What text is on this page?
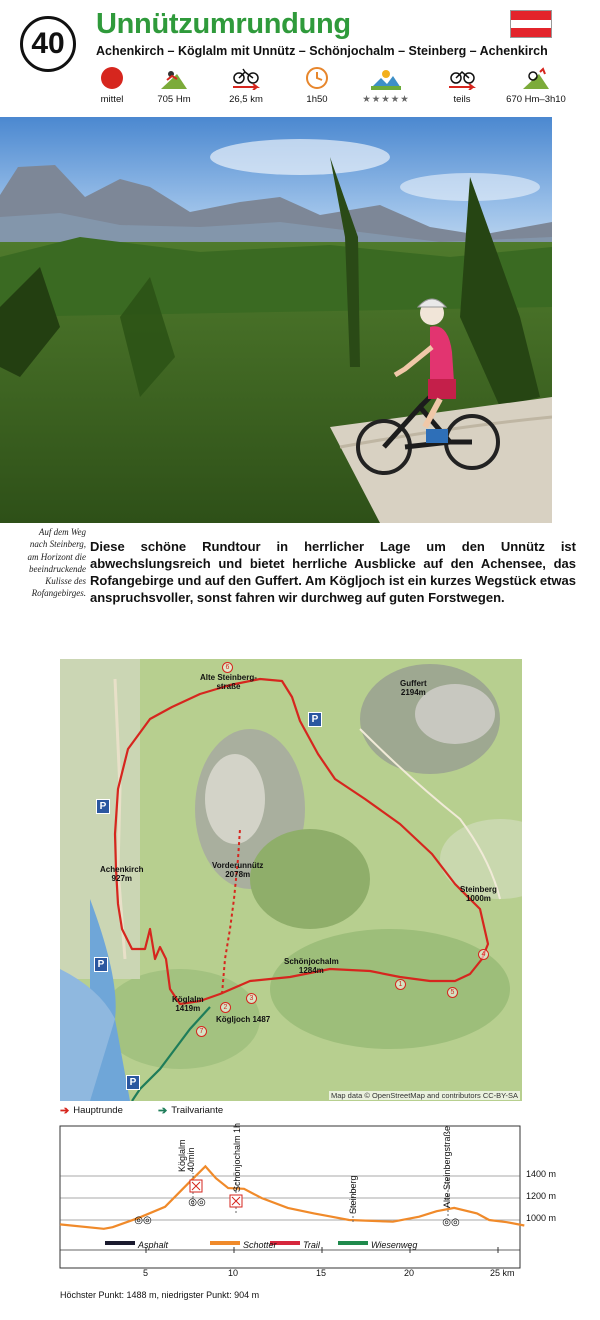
40
Unnützumrundung
Achenkirch – Köglalm mit Unnütz – Schönjochalm – Steinberg – Achenkirch
mittel	705 Hm	26,5 km	1h50	★★★★★	teils	670 Hm–3h10
Auf dem Weg nach Steinberg, am Horizont die beeindruckende Kulisse des Rofangebirges.
Diese schöne Rundtour in herrlicher Lage um den Unnütz ist abwechslungsreich und bietet herrliche Ausblicke auf den Achensee, das Rofangebirge und auf den Guffert. Am Kögljoch ist ein kurzes Wegstück etwas anspruchsvoller, sonst fahren wir durchweg auf guten Forstwegen.
Alte Steinberg-
straße	Guffert
2194m
Achenkirch
927m
Vorderunnütz
2078m
Steinberg
1000m
Schönjochalm
1284m
Köglalm
1419m
Kögljoch 1487
1
2
3
4
5
6
7
P
P
P
P
Map data © OpenStreetMap and contributors CC-BY-SA
➔ Hauptrunde	➔ Trailvariante
◎◎
◎◎	◎◎
1400 m
1200 m
1000 m
5	10	15	20	25 km
Köglalm
40min	Schönjochalm 1h
Steinberg	Alte Steinbergstraße
Asphalt	Schotter	Trail	Wiesenweg
Höchster Punkt: 1488 m, niedrigster Punkt: 904 m
